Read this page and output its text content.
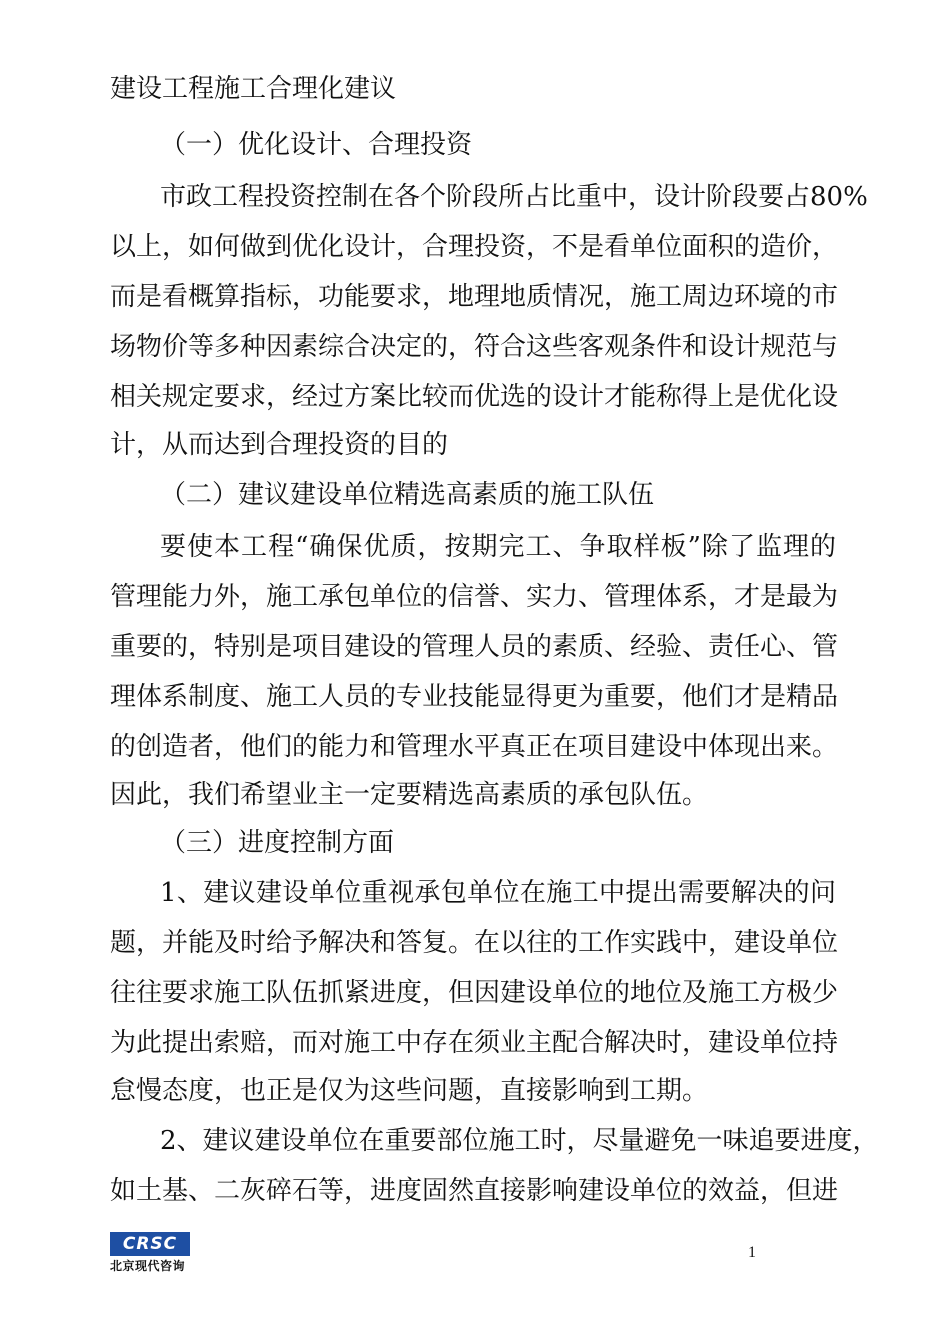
建设工程施工合理化建议
（一）优化设计、合理投资
市政工程投资控制在各个阶段所占比重中，设计阶段要占80%
以上，如何做到优化设计，合理投资，不是看单位面积的造价，
而是看概算指标，功能要求，地理地质情况，施工周边环境的市
场物价等多种因素综合决定的，符合这些客观条件和设计规范与
相关规定要求，经过方案比较而优选的设计才能称得上是优化设
计，从而达到合理投资的目的
（二）建议建设单位精选高素质的施工队伍
要使本工程“确保优质，按期完工、争取样板”除了监理的
管理能力外，施工承包单位的信誉、实力、管理体系，才是最为
重要的，特别是项目建设的管理人员的素质、经验、责任心、管
理体系制度、施工人员的专业技能显得更为重要，他们才是精品
的创造者，他们的能力和管理水平真正在项目建设中体现出来。
因此，我们希望业主一定要精选高素质的承包队伍。
（三）进度控制方面
1、建议建设单位重视承包单位在施工中提出需要解决的问
题，并能及时给予解决和答复。在以往的工作实践中，建设单位
往往要求施工队伍抓紧进度，但因建设单位的地位及施工方极少
为此提出索赔，而对施工中存在须业主配合解决时，建设单位持
怠慢态度，也正是仅为这些问题，直接影响到工期。
2、建议建设单位在重要部位施工时，尽量避免一味追要进度，
如土基、二灰碎石等，进度固然直接影响建设单位的效益，但进
CRSC
北京现代咨询
1
